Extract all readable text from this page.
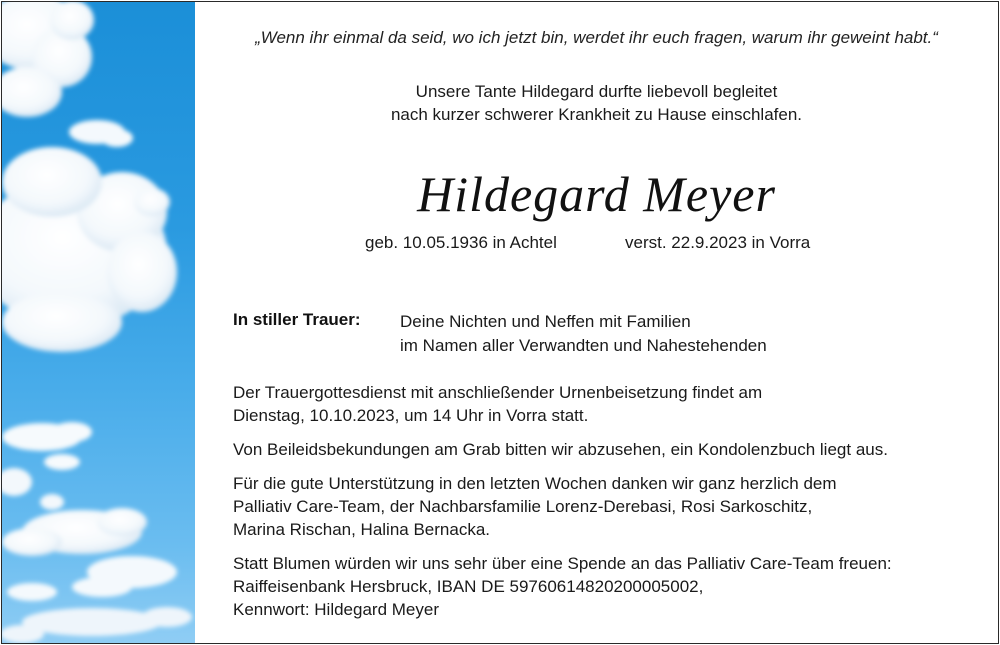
„Wenn ihr einmal da seid, wo ich jetzt bin, werdet ihr euch fragen, warum ihr geweint habt.“
Unsere Tante Hildegard durfte liebevoll begleitet
nach kurzer schwerer Krankheit zu Hause einschlafen.
Hildegard Meyer
geb. 10.05.1936 in Achtel	verst. 22.9.2023 in Vorra
In stiller Trauer: Deine Nichten und Neffen mit Familien
im Namen aller Verwandten und Nahestehenden
Der Trauergottesdienst mit anschließender Urnenbeisetzung findet am
Dienstag, 10.10.2023, um 14 Uhr in Vorra statt.
Von Beileidsbekundungen am Grab bitten wir abzusehen, ein Kondolenzbuch liegt aus.
Für die gute Unterstützung in den letzten Wochen danken wir ganz herzlich dem
Palliativ Care-Team, der Nachbarsfamilie Lorenz-Derebasi, Rosi Sarkoschitz,
Marina Rischan, Halina Bernacka.
Statt Blumen würden wir uns sehr über eine Spende an das Palliativ Care-Team freuen:
Raiffeisenbank Hersbruck, IBAN DE 59760614820200005002,
Kennwort: Hildegard Meyer
